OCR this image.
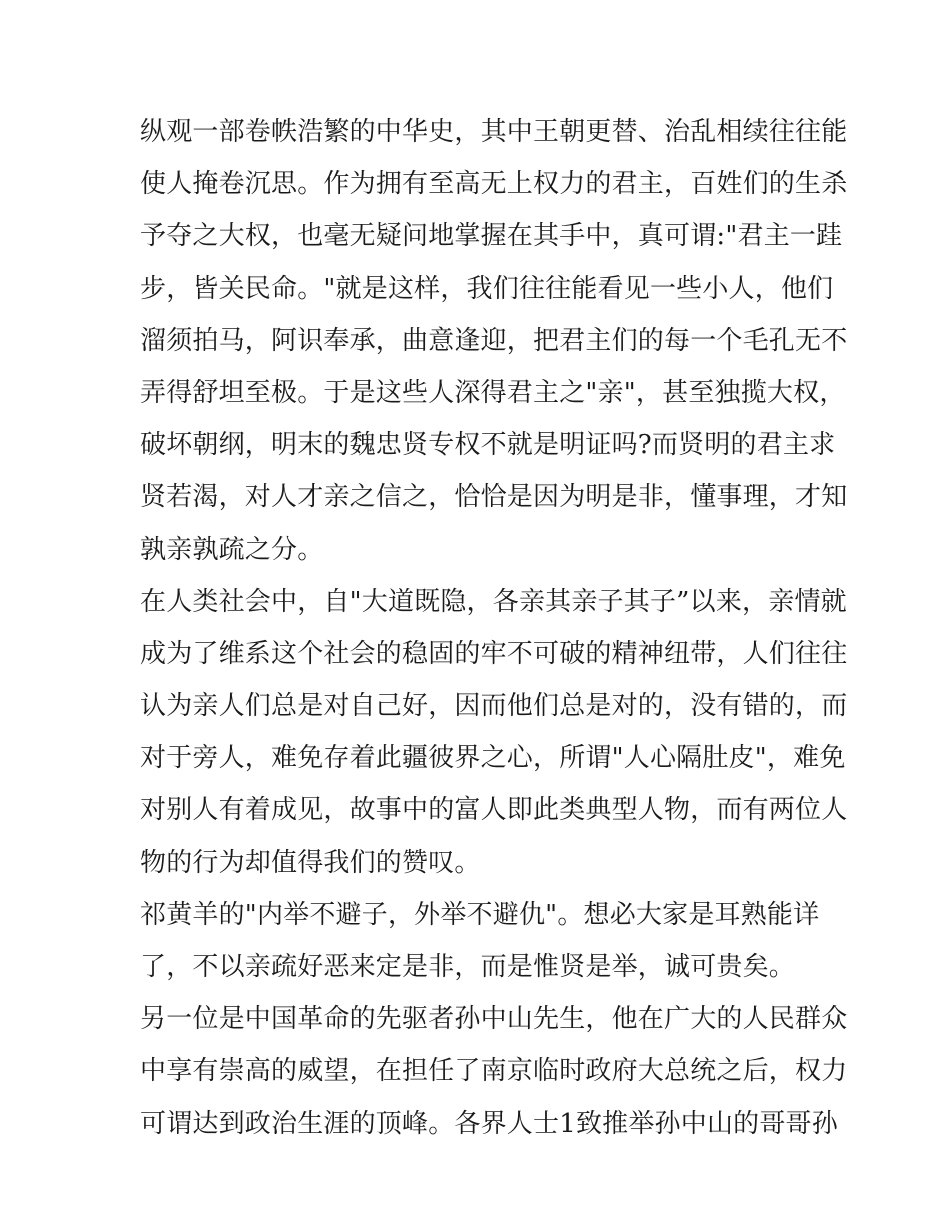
纵观一部卷帙浩繁的中华史，其中王朝更替、治乱相续往往能
使人掩卷沉思。作为拥有至高无上权力的君主，百姓们的生杀
予夺之大权，也毫无疑问地掌握在其手中，真可谓:"君主一跬
步，皆关民命。"就是这样，我们往往能看见一些小人，他们
溜须拍马，阿识奉承，曲意逢迎，把君主们的每一个毛孔无不
弄得舒坦至极。于是这些人深得君主之"亲"，甚至独揽大权，
破坏朝纲，明末的魏忠贤专权不就是明证吗?而贤明的君主求
贤若渴，对人才亲之信之，恰恰是因为明是非，懂事理，才知
孰亲孰疏之分。
在人类社会中，自"大道既隐，各亲其亲子其子”以来，亲情就
成为了维系这个社会的稳固的牢不可破的精神纽带，人们往往
认为亲人们总是对自己好，因而他们总是对的，没有错的，而
对于旁人，难免存着此疆彼界之心，所谓"人心隔肚皮"，难免
对别人有着成见，故事中的富人即此类典型人物，而有两位人
物的行为却值得我们的赞叹。
祁黄羊的"内举不避子，外举不避仇"。想必大家是耳熟能详
了，不以亲疏好恶来定是非，而是惟贤是举，诚可贵矣。
另一位是中国革命的先驱者孙中山先生，他在广大的人民群众
中享有崇高的威望，在担任了南京临时政府大总统之后，权力
可谓达到政治生涯的顶峰。各界人士1致推举孙中山的哥哥孙
